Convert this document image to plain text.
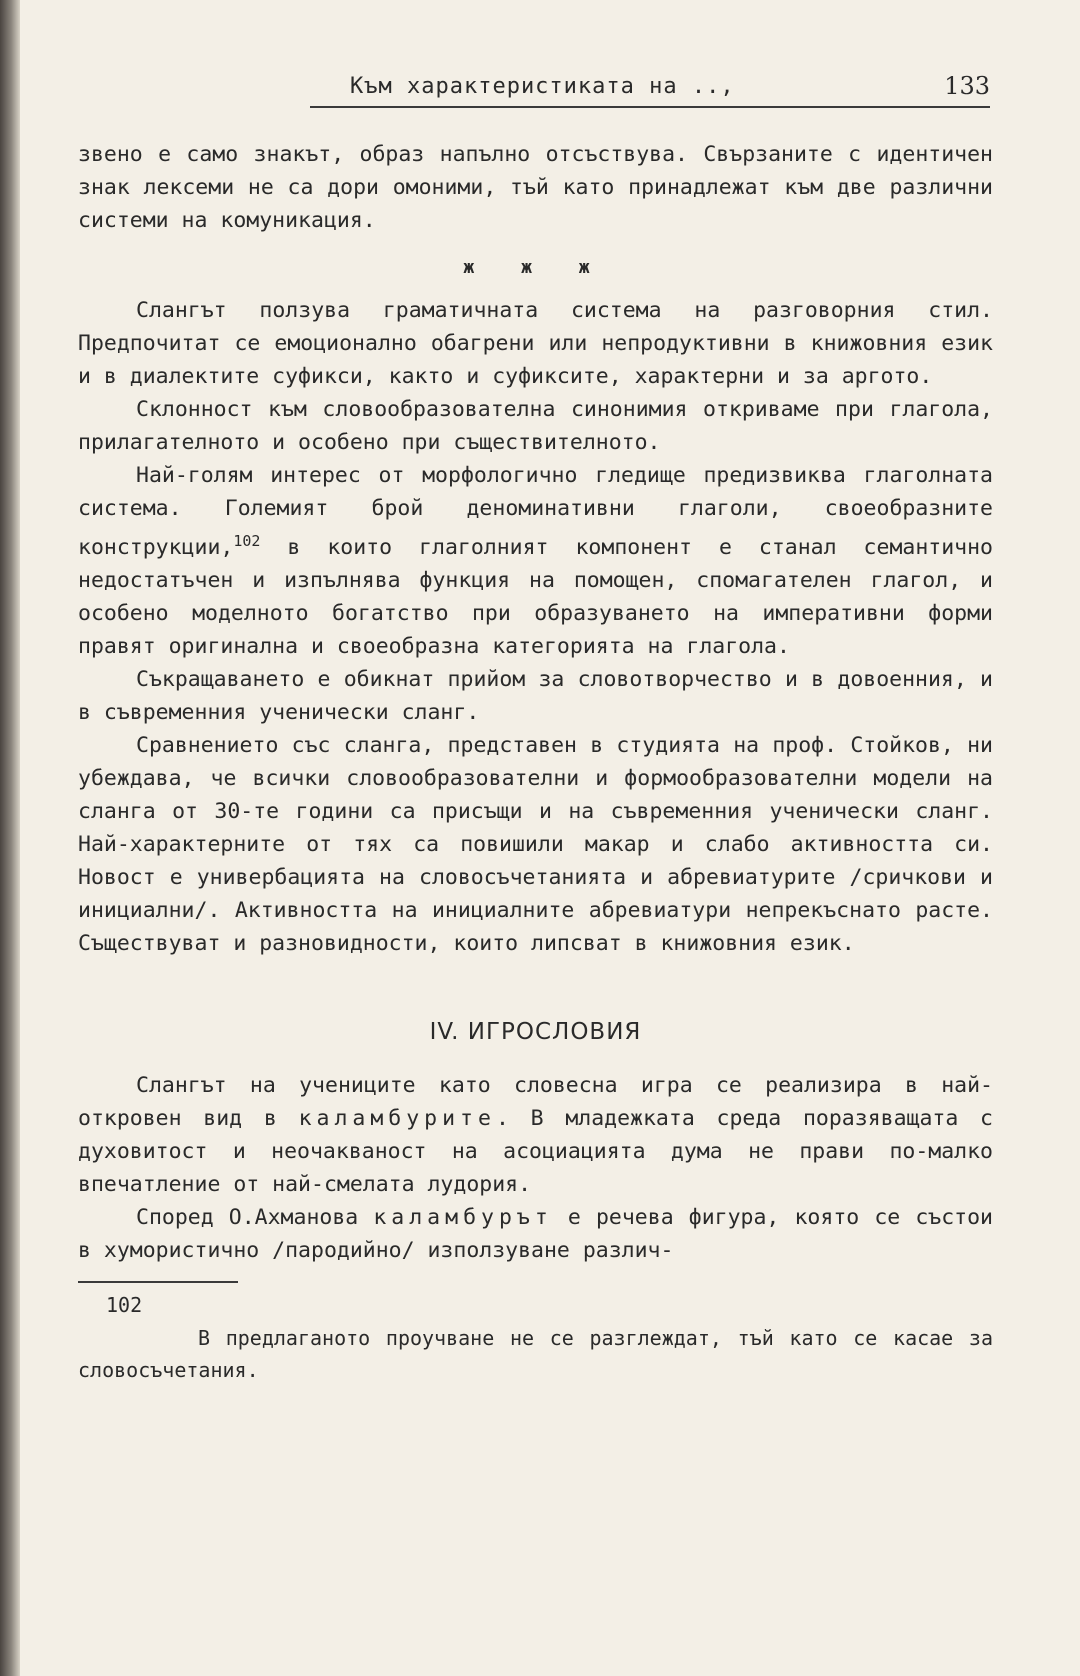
Към характеристиката на ..,	133

звено е само знакът, образ напълно отсъствува. Свързаните с идентичен знак лексеми не са дори омоними, тъй като принадлежат към две различни системи на комуникация.

ж ж ж

Слангът ползува граматичната система на разговорния стил. Предпочитат се емоционално обагрени или непродуктивни в книжовния език и в диалектите суфикси, както и суфиксите, характерни и за аргото.

Склонност към словообразователна синонимия откриваме при глагола, прилагателното и особено при съществителното.

Най-голям интерес от морфологично гледище предизвиква глаголната система. Големият брой деноминативни глаголи, своеобразните конструкции,$^{102}$ в които глаголният компонент е станал семантично недостатъчен и изпълнява функция на помощен, спомагателен глагол, и особено моделното богатство при образуването на императивни форми правят оригинална и своеобразна категорията на глагола.

Съкращаването е обикнат прийом за словотворчество и в довоенния, и в съвременния ученически сланг.

Сравнението със сланга, представен в студията на проф. Стойков, ни убеждава, че всички словообразователни и формообразователни модели на сланга от 30-те години са присъщи и на съвременния ученически сланг. Най-характерните от тях са повишили макар и слабо активността си. Новост е универбацията на словосъчетанията и абревиатурите /сричкови и инициални/. Активността на инициалните абревиатури непрекъснато расте. Съществуват и разновидности, които липсват в книжовния език.

IV. ИГРОСЛОВИЯ

Слангът на учениците като словесна игра се реализира в най-откровен вид в каламбурите. В младежката среда поразяващата с духовитост и неочакваност на асоциацията дума не прави по-малко впечатление от най-смелата лудория.

Според О.Ахманова каламбурът е речева фигура, която се състои в хумористично /пародийно/ използуване различ-

102

В предлаганото проучване не се разглеждат, тъй като се касае за словосъчетания.
